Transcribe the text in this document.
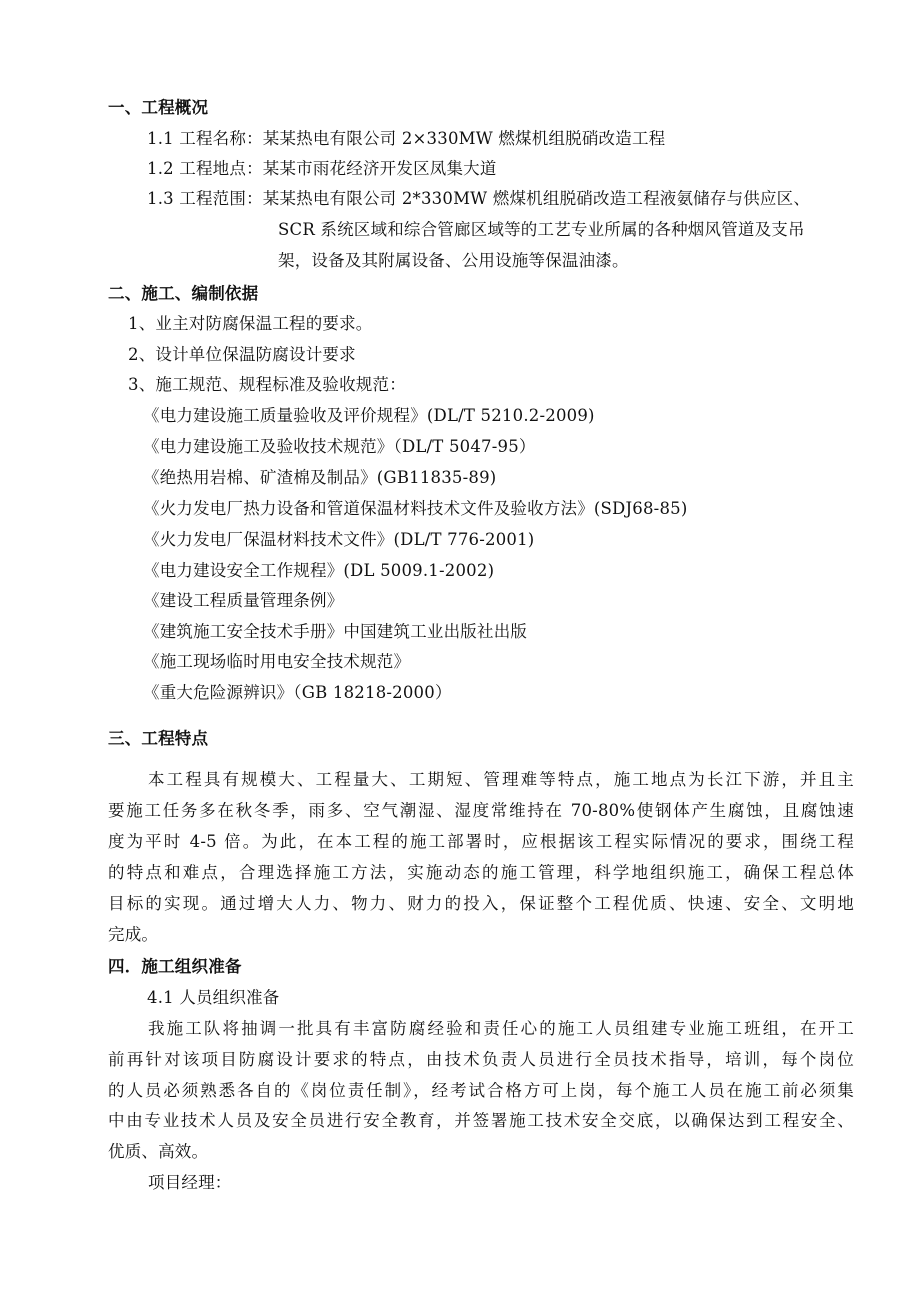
一、工程概况
1.1 工程名称：某某热电有限公司 2×330MW 燃煤机组脱硝改造工程
1.2 工程地点：某某市雨花经济开发区凤集大道
1.3 工程范围：某某热电有限公司 2*330MW 燃煤机组脱硝改造工程液氨储存与供应区、
SCR 系统区域和综合管廊区域等的工艺专业所属的各种烟风管道及支吊
架，设备及其附属设备、公用设施等保温油漆。
二、施工、编制依据
1、业主对防腐保温工程的要求。
2、设计单位保温防腐设计要求
3、施工规范、规程标准及验收规范：
《电力建设施工质量验收及评价规程》(DL/T 5210.2-2009)
《电力建设施工及验收技术规范》（DL/T 5047-95）
《绝热用岩棉、矿渣棉及制品》(GB11835-89)
《火力发电厂热力设备和管道保温材料技术文件及验收方法》(SDJ68-85)
《火力发电厂保温材料技术文件》(DL/T 776-2001)
《电力建设安全工作规程》(DL 5009.1-2002)
《建设工程质量管理条例》
《建筑施工安全技术手册》中国建筑工业出版社出版
《施工现场临时用电安全技术规范》
《重大危险源辨识》（GB 18218-2000）
三、工程特点
本工程具有规模大、工程量大、工期短、管理难等特点，施工地点为长江下游，并且主
要施工任务多在秋冬季，雨多、空气潮湿、湿度常维持在 70-80%使钢体产生腐蚀，且腐蚀速
度为平时 4-5 倍。为此，在本工程的施工部署时，应根据该工程实际情况的要求，围绕工程
的特点和难点，合理选择施工方法，实施动态的施工管理，科学地组织施工，确保工程总体
目标的实现。通过增大人力、物力、财力的投入，保证整个工程优质、快速、安全、文明地
完成。
四．施工组织准备
4.1 人员组织准备
我施工队将抽调一批具有丰富防腐经验和责任心的施工人员组建专业施工班组，在开工
前再针对该项目防腐设计要求的特点，由技术负责人员进行全员技术指导，培训，每个岗位
的人员必须熟悉各自的《岗位责任制》，经考试合格方可上岗，每个施工人员在施工前必须集
中由专业技术人员及安全员进行安全教育，并签署施工技术安全交底，以确保达到工程安全、
优质、高效。
项目经理：
